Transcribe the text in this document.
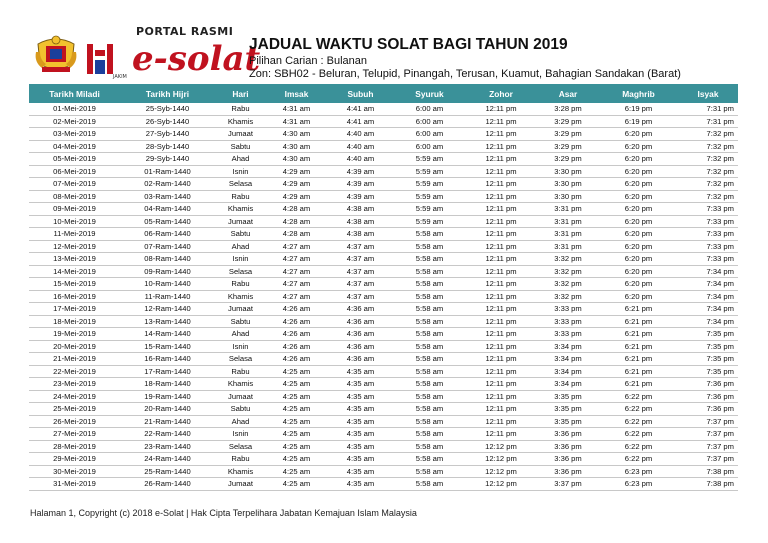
JAKIM
PORTAL RASMI
e-solat
JADUAL WAKTU SOLAT BAGI TAHUN 2019
Pilihan Carian : Bulanan
Zon: SBH02 - Beluran, Telupid, Pinangah, Terusan, Kuamut, Bahagian Sandakan (Barat)
Tarikh Miladi	Tarikh Hijri	Hari	Imsak	Subuh	Syuruk	Zohor	Asar	Maghrib	Isyak
01-Mei-2019	25-Syb-1440	Rabu	4:31 am	4:41 am	6:00 am	12:11 pm	3:28 pm	6:19 pm	7:31 pm
02-Mei-2019	26-Syb-1440	Khamis	4:31 am	4:41 am	6:00 am	12:11 pm	3:29 pm	6:19 pm	7:31 pm
03-Mei-2019	27-Syb-1440	Jumaat	4:30 am	4:40 am	6:00 am	12:11 pm	3:29 pm	6:20 pm	7:32 pm
04-Mei-2019	28-Syb-1440	Sabtu	4:30 am	4:40 am	6:00 am	12:11 pm	3:29 pm	6:20 pm	7:32 pm
05-Mei-2019	29-Syb-1440	Ahad	4:30 am	4:40 am	5:59 am	12:11 pm	3:29 pm	6:20 pm	7:32 pm
06-Mei-2019	01-Ram-1440	Isnin	4:29 am	4:39 am	5:59 am	12:11 pm	3:30 pm	6:20 pm	7:32 pm
07-Mei-2019	02-Ram-1440	Selasa	4:29 am	4:39 am	5:59 am	12:11 pm	3:30 pm	6:20 pm	7:32 pm
08-Mei-2019	03-Ram-1440	Rabu	4:29 am	4:39 am	5:59 am	12:11 pm	3:30 pm	6:20 pm	7:32 pm
09-Mei-2019	04-Ram-1440	Khamis	4:28 am	4:38 am	5:59 am	12:11 pm	3:31 pm	6:20 pm	7:33 pm
10-Mei-2019	05-Ram-1440	Jumaat	4:28 am	4:38 am	5:59 am	12:11 pm	3:31 pm	6:20 pm	7:33 pm
11-Mei-2019	06-Ram-1440	Sabtu	4:28 am	4:38 am	5:58 am	12:11 pm	3:31 pm	6:20 pm	7:33 pm
12-Mei-2019	07-Ram-1440	Ahad	4:27 am	4:37 am	5:58 am	12:11 pm	3:31 pm	6:20 pm	7:33 pm
13-Mei-2019	08-Ram-1440	Isnin	4:27 am	4:37 am	5:58 am	12:11 pm	3:32 pm	6:20 pm	7:33 pm
14-Mei-2019	09-Ram-1440	Selasa	4:27 am	4:37 am	5:58 am	12:11 pm	3:32 pm	6:20 pm	7:34 pm
15-Mei-2019	10-Ram-1440	Rabu	4:27 am	4:37 am	5:58 am	12:11 pm	3:32 pm	6:20 pm	7:34 pm
16-Mei-2019	11-Ram-1440	Khamis	4:27 am	4:37 am	5:58 am	12:11 pm	3:32 pm	6:20 pm	7:34 pm
17-Mei-2019	12-Ram-1440	Jumaat	4:26 am	4:36 am	5:58 am	12:11 pm	3:33 pm	6:21 pm	7:34 pm
18-Mei-2019	13-Ram-1440	Sabtu	4:26 am	4:36 am	5:58 am	12:11 pm	3:33 pm	6:21 pm	7:34 pm
19-Mei-2019	14-Ram-1440	Ahad	4:26 am	4:36 am	5:58 am	12:11 pm	3:33 pm	6:21 pm	7:35 pm
20-Mei-2019	15-Ram-1440	Isnin	4:26 am	4:36 am	5:58 am	12:11 pm	3:34 pm	6:21 pm	7:35 pm
21-Mei-2019	16-Ram-1440	Selasa	4:26 am	4:36 am	5:58 am	12:11 pm	3:34 pm	6:21 pm	7:35 pm
22-Mei-2019	17-Ram-1440	Rabu	4:25 am	4:35 am	5:58 am	12:11 pm	3:34 pm	6:21 pm	7:35 pm
23-Mei-2019	18-Ram-1440	Khamis	4:25 am	4:35 am	5:58 am	12:11 pm	3:34 pm	6:21 pm	7:36 pm
24-Mei-2019	19-Ram-1440	Jumaat	4:25 am	4:35 am	5:58 am	12:11 pm	3:35 pm	6:22 pm	7:36 pm
25-Mei-2019	20-Ram-1440	Sabtu	4:25 am	4:35 am	5:58 am	12:11 pm	3:35 pm	6:22 pm	7:36 pm
26-Mei-2019	21-Ram-1440	Ahad	4:25 am	4:35 am	5:58 am	12:11 pm	3:35 pm	6:22 pm	7:37 pm
27-Mei-2019	22-Ram-1440	Isnin	4:25 am	4:35 am	5:58 am	12:11 pm	3:36 pm	6:22 pm	7:37 pm
28-Mei-2019	23-Ram-1440	Selasa	4:25 am	4:35 am	5:58 am	12:12 pm	3:36 pm	6:22 pm	7:37 pm
29-Mei-2019	24-Ram-1440	Rabu	4:25 am	4:35 am	5:58 am	12:12 pm	3:36 pm	6:22 pm	7:37 pm
30-Mei-2019	25-Ram-1440	Khamis	4:25 am	4:35 am	5:58 am	12:12 pm	3:36 pm	6:23 pm	7:38 pm
31-Mei-2019	26-Ram-1440	Jumaat	4:25 am	4:35 am	5:58 am	12:12 pm	3:37 pm	6:23 pm	7:38 pm
Halaman 1, Copyright (c) 2018 e-Solat | Hak Cipta Terpelihara Jabatan Kemajuan Islam Malaysia
